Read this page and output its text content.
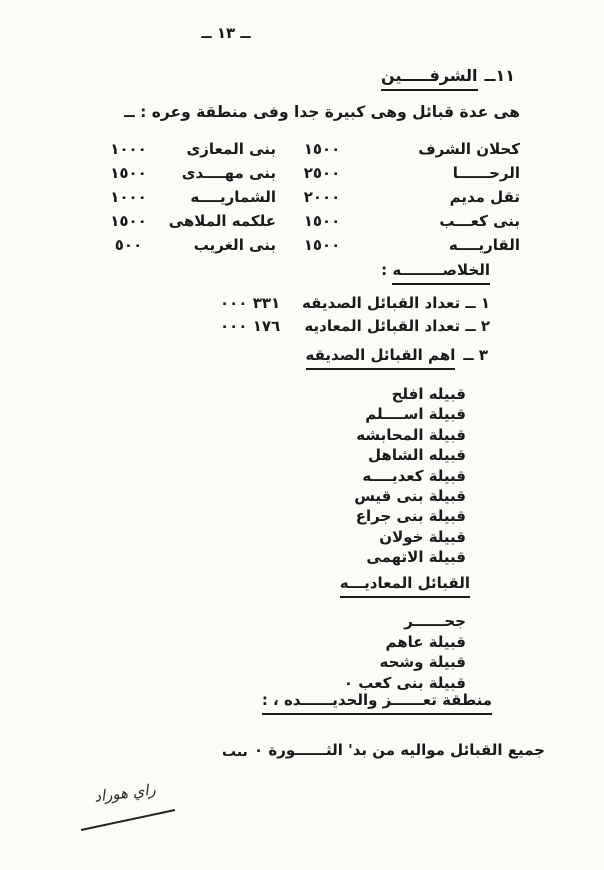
ــ ١٣ ــ
١١ــالشرفـــــين
هى عدة قبائل وهى كبيرة جدا وفى منطقة وعره : ــ
كحلان الشرف
١٥٠٠
بنى المعازى
١٠٠٠
الرحــــــا
٢٥٠٠
بنى مهــــدى
١٥٠٠
تقل مديم
٢٠٠٠
الشماريــــه
١٠٠٠
بنى كعـــب
١٥٠٠
علكمه الملاهى
١٥٠٠
القاريــــه
١٥٠٠
بنى الغريب
٥٠٠
الخلاصــــــــه :
١ ــ تعداد القبائل الصديقه
٣٣١ ٠٠٠
٢ ــ تعداد القبائل المعاديه
١٧٦ ٠٠٠
٣ ــاهم القبائل الصديقه
قبيله افلح
قبيلة اســــلم
قبيلة المحابشه
قبيله الشاهل
قبيلة كعديــــه
قبيلة بنى قيس
قبيلة بنى جراع
قبيلة خولان
قبيلة الاتهمى
القبائل المعاديـــه
جحــــــر
قبيلة عاهم
قبيلة وشحه
قبيلة بنى كعب ٠
منطقة تعــــــز والحديــــــده ، :
جميع القبائل مواليه من بد' الثــــــورة ٠
ٮٮٮ
راي هوراد
